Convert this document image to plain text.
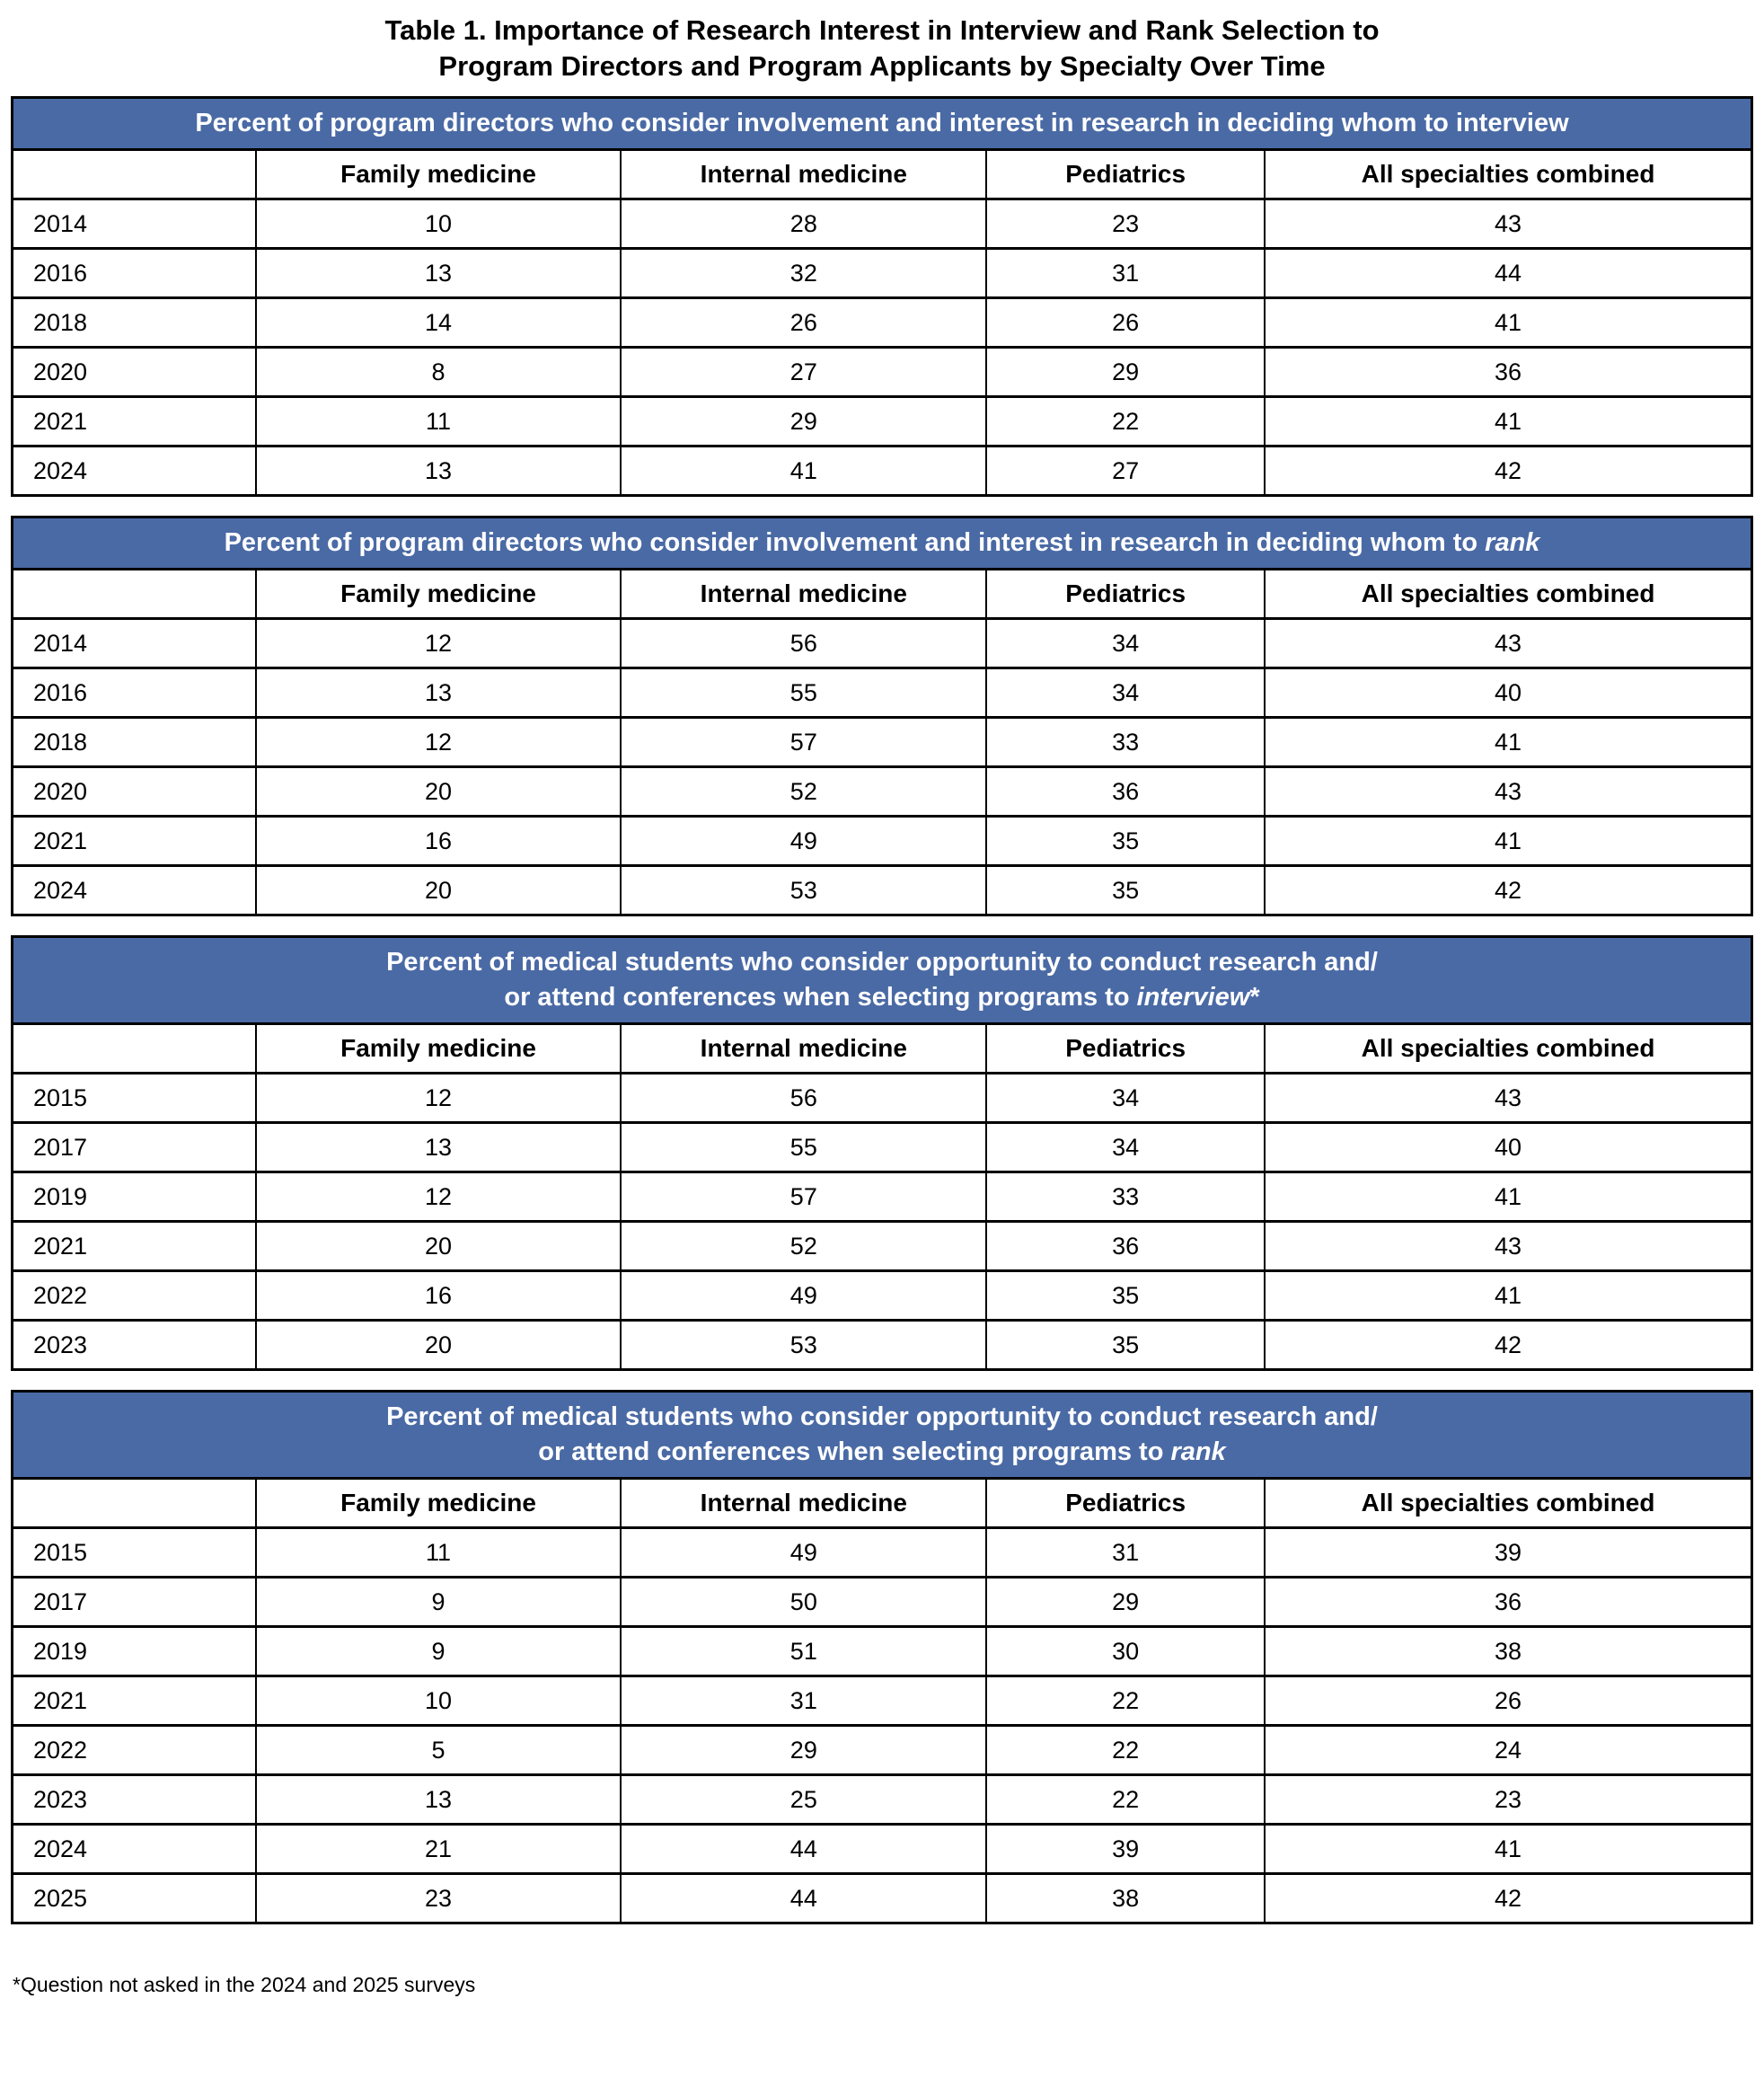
Table 1. Importance of Research Interest in Interview and Rank Selection to
Program Directors and Program Applicants by Specialty Over Time
Percent of program directors who consider involvement and interest in research in deciding whom to interview				

	Family medicine	Internal medicine	Pediatrics	All specialties combined
2014	10	28	23	43
2016	13	32	31	44
2018	14	26	26	41
2020	8	27	29	36
2021	11	29	22	41
2024	13	41	27	42
Percent of program directors who consider involvement and interest in research in deciding whom to rank				

	Family medicine	Internal medicine	Pediatrics	All specialties combined
2014	12	56	34	43
2016	13	55	34	40
2018	12	57	33	41
2020	20	52	36	43
2021	16	49	35	41
2024	20	53	35	42
Percent of medical students who consider opportunity to conduct research and/
or attend conferences when selecting programs to interview*				

	Family medicine	Internal medicine	Pediatrics	All specialties combined
2015	12	56	34	43
2017	13	55	34	40
2019	12	57	33	41
2021	20	52	36	43
2022	16	49	35	41
2023	20	53	35	42
Percent of medical students who consider opportunity to conduct research and/
or attend conferences when selecting programs to rank				

	Family medicine	Internal medicine	Pediatrics	All specialties combined
2015	11	49	31	39
2017	9	50	29	36
2019	9	51	30	38
2021	10	31	22	26
2022	5	29	22	24
2023	13	25	22	23
2024	21	44	39	41
2025	23	44	38	42
*Question not asked in the 2024 and 2025 surveys
